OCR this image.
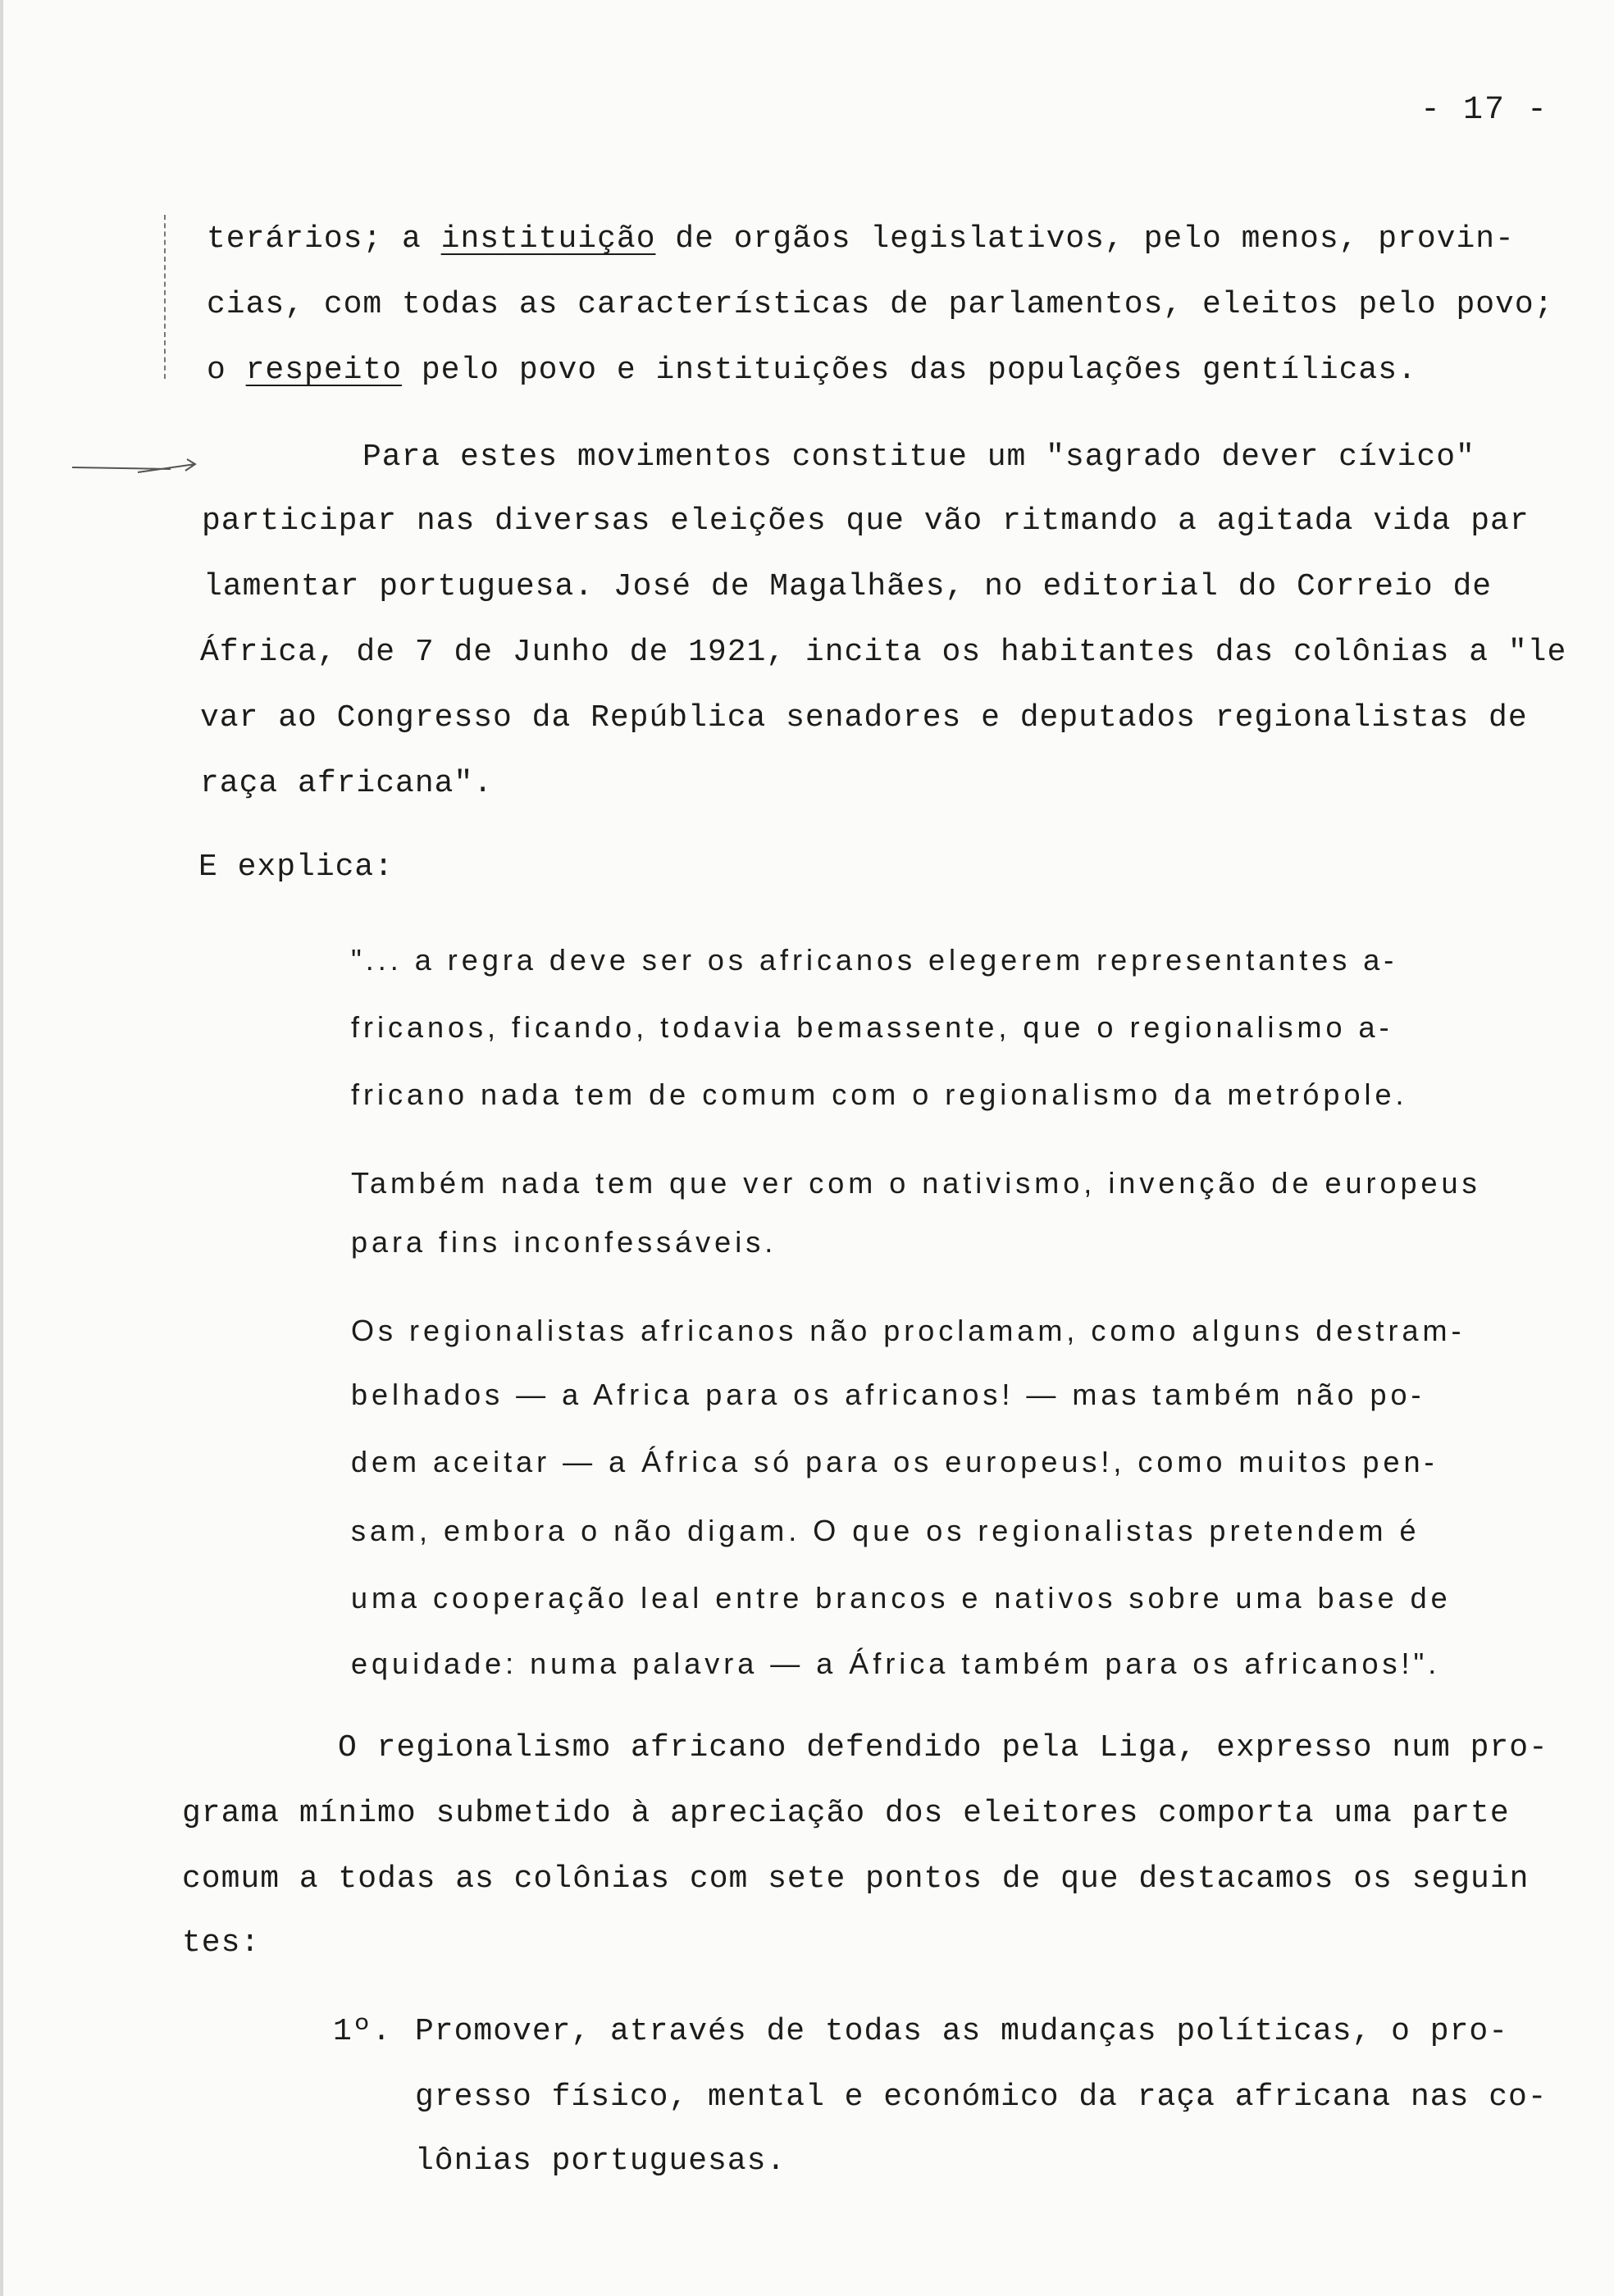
- 17 -
terários; a instituição de orgãos legislativos, pelo menos, provin-
cias, com todas as características de parlamentos, eleitos pelo povo;
o respeito pelo povo e instituições das populações gentílicas.
Para estes movimentos constitue um "sagrado dever cívico"
participar nas diversas eleições que vão ritmando a agitada vida par
lamentar portuguesa. José de Magalhães, no editorial do Correio de
África, de 7 de Junho de 1921, incita os habitantes das colônias a "le
var ao Congresso da República senadores e deputados regionalistas de
raça africana".
E explica:
"... a regra deve ser os africanos elegerem representantes a-
fricanos, ficando, todavia bemassente, que o regionalismo a-
fricano nada tem de comum com o regionalismo da metrópole.
Também nada tem que ver com o nativismo, invenção de europeus
para fins inconfessáveis.
Os regionalistas africanos não proclamam, como alguns destram-
belhados — a Africa para os africanos! — mas também não po-
dem aceitar — a África só para os europeus!, como muitos pen-
sam, embora o não digam. O que os regionalistas pretendem é
uma cooperação leal entre brancos e nativos sobre uma base de
equidade: numa palavra — a África também para os africanos!".
O regionalismo africano defendido pela Liga, expresso num pro-
grama mínimo submetido à apreciação dos eleitores comporta uma parte
comum a todas as colônias com sete pontos de que destacamos os seguin
tes:
1º. Promover, através de todas as mudanças políticas, o pro-
gresso físico, mental e económico da raça africana nas co-
lônias portuguesas.
